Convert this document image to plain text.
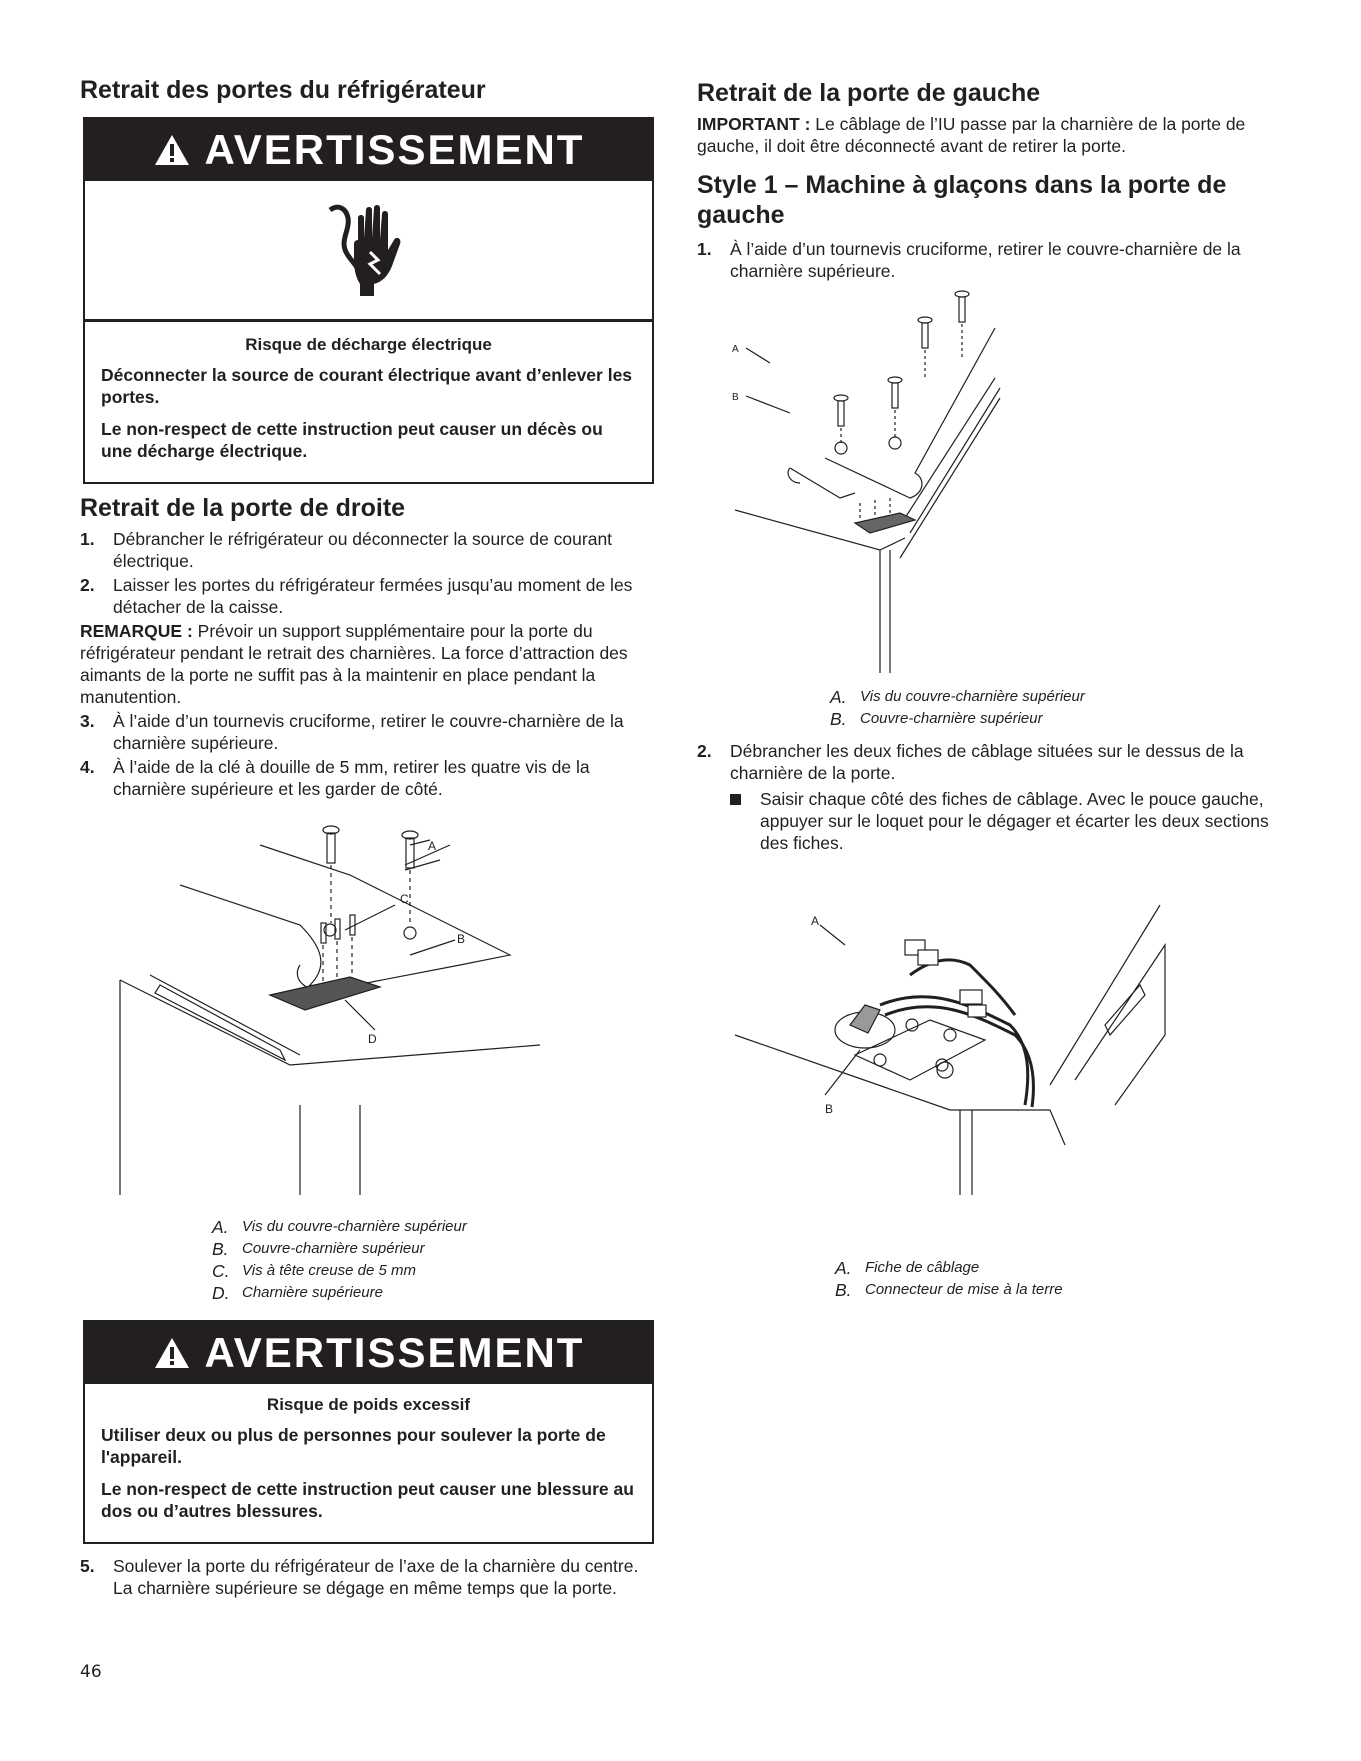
Retrait des portes du réfrigérateur
AVERTISSEMENT
Risque de décharge électrique
Déconnecter la source de courant électrique avant d’enlever les portes.
Le non-respect de cette instruction peut causer un décès ou une décharge électrique.
Retrait de la porte de droite
1. Débrancher le réfrigérateur ou déconnecter la source de courant électrique.
2. Laisser les portes du réfrigérateur fermées jusqu’au moment de les détacher de la caisse.
REMARQUE : Prévoir un support supplémentaire pour la porte du réfrigérateur pendant le retrait des charnières. La force d’attraction des aimants de la porte ne suffit pas à la maintenir en place pendant la manutention.
3. À l’aide d’un tournevis cruciforme, retirer le couvre-charnière de la charnière supérieure.
4. À l’aide de la clé à douille de 5 mm, retirer les quatre vis de la charnière supérieure et les garder de côté.
A
B
C
D
A. Vis du couvre-charnière supérieur
B. Couvre-charnière supérieur
C. Vis à tête creuse de 5 mm
D. Charnière supérieure
AVERTISSEMENT
Risque de poids excessif
Utiliser deux ou plus de personnes pour soulever la porte de l'appareil.
Le non-respect de cette instruction peut causer une blessure au dos ou d’autres blessures.
5. Soulever la porte du réfrigérateur de l’axe de la charnière du centre. La charnière supérieure se dégage en même temps que la porte.
Retrait de la porte de gauche
IMPORTANT : Le câblage de l’IU passe par la charnière de la porte de gauche, il doit être déconnecté avant de retirer la porte.
Style 1 – Machine à glaçons dans la porte de gauche
1. À l’aide d’un tournevis cruciforme, retirer le couvre-charnière de la charnière supérieure.
A
B
A. Vis du couvre-charnière supérieur
B. Couvre-charnière supérieur
2. Débrancher les deux fiches de câblage situées sur le dessus de la charnière de la porte.
Saisir chaque côté des fiches de câblage. Avec le pouce gauche, appuyer sur le loquet pour le dégager et écarter les deux sections des fiches.
A
B
A. Fiche de câblage
B. Connecteur de mise à la terre
46
